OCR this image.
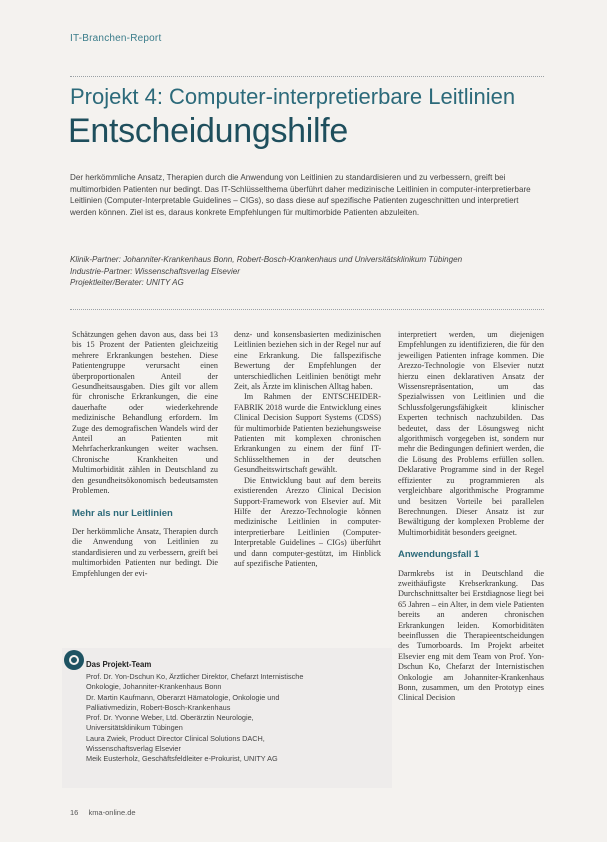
IT-Branchen-Report
Projekt 4: Computer-interpretierbare Leitlinien
Entscheidungshilfe

Der herkömmliche Ansatz, Therapien durch die Anwendung von Leitlinien zu standardisieren und zu verbessern, greift bei multimorbiden Patienten nur bedingt. Das IT-Schlüsselthema überführt daher medizinische Leitlinien in computer-interpretierbare Leitlinien (Computer-Interpretable Guidelines – CIGs), so dass diese auf spezifische Patienten zugeschnitten und interpretiert werden können. Ziel ist es, daraus konkrete Empfehlungen für multimorbide Patienten abzuleiten.

Klinik-Partner: Johanniter-Krankenhaus Bonn, Robert-Bosch-Krankenhaus und Universitätsklinikum Tübingen
Industrie-Partner: Wissenschaftsverlag Elsevier
Projektleiter/Berater: UNITY AG

Schätzungen gehen davon aus, dass bei 13 bis 15 Prozent der Patienten gleichzeitig mehrere Erkrankungen bestehen. Diese Patientengruppe verursacht einen überproportionalen Anteil der Gesundheitsausgaben. Dies gilt vor allem für chronische Erkrankungen, die eine dauerhafte oder wiederkehrende medizinische Behandlung erfordern. Im Zuge des demografischen Wandels wird der Anteil an Patienten mit Mehrfacherkrankungen weiter wachsen. Chronische Krankheiten und Multimorbidität zählen in Deutschland zu den gesundheitsökonomisch bedeutsamsten Problemen.

Mehr als nur Leitlinien

Der herkömmliche Ansatz, Therapien durch die Anwendung von Leitlinien zu standardisieren und zu verbessern, greift bei multimorbiden Patienten nur bedingt. Die Empfehlungen der evi-

denz- und konsensbasierten medizinischen Leitlinien beziehen sich in der Regel nur auf eine Erkrankung. Die fallspezifische Bewertung der Empfehlungen der unterschiedlichen Leitlinien benötigt mehr Zeit, als Ärzte im klinischen Alltag haben.

Im Rahmen der ENTSCHEIDER-FABRIK 2018 wurde die Entwicklung eines Clinical Decision Support Systems (CDSS) für multimorbide Patienten beziehungsweise Patienten mit komplexen chronischen Erkrankungen zu einem der fünf IT-Schlüsselthemen in der deutschen Gesundheitswirtschaft gewählt.

Die Entwicklung baut auf dem bereits existierenden Arezzo Clinical Decision Support-Framework von Elsevier auf. Mit Hilfe der Arezzo-Technologie können medizinische Leitlinien in computer-interpretierbare Leitlinien (Computer-Interpretable Guidelines – CIGs) überführt und dann computer-gestützt, im Hinblick auf spezifische Patienten,

interpretiert werden, um diejenigen Empfehlungen zu identifizieren, die für den jeweiligen Patienten infrage kommen. Die Arezzo-Technologie von Elsevier nutzt hierzu einen deklarativen Ansatz der Wissensrepräsentation, um das Spezialwissen von Leitlinien und die Schlussfolgerungsfähigkeit klinischer Experten technisch nachzubilden. Das bedeutet, dass der Lösungsweg nicht algorithmisch vorgegeben ist, sondern nur mehr die Bedingungen definiert werden, die die Lösung des Problems erfüllen sollen. Deklarative Programme sind in der Regel effizienter zu programmieren als vergleichbare algorithmische Programme und besitzen Vorteile bei parallelen Berechnungen. Dieser Ansatz ist zur Bewältigung der komplexen Probleme der Multimorbidität besonders geeignet.

Anwendungsfall 1

Darmkrebs ist in Deutschland die zweithäufigste Krebserkrankung. Das Durchschnittsalter bei Erstdiagnose liegt bei 65 Jahren – ein Alter, in dem viele Patienten bereits an anderen chronischen Erkrankungen leiden. Komorbiditäten beeinflussen die Therapieentscheidungen des Tumorboards. Im Projekt arbeitet Elsevier eng mit dem Team von Prof. Yon-Dschun Ko, Chefarzt der Internistischen Onkologie am Johanniter-Krankenhaus Bonn, zusammen, um den Prototyp eines Clinical Decision

Das Projekt-Team
Prof. Dr. Yon-Dschun Ko, Ärztlicher Direktor, Chefarzt Internistische
Onkologie, Johanniter-Krankenhaus Bonn
Dr. Martin Kaufmann, Oberarzt Hämatologie, Onkologie und
Palliativmedizin, Robert-Bosch-Krankenhaus
Prof. Dr. Yvonne Weber, Ltd. Oberärztin Neurologie,
Universitätsklinikum Tübingen
Laura Zwiek, Product Director Clinical Solutions DACH,
Wissenschaftsverlag Elsevier
Meik Eusterholz, Geschäftsfeldleiter e-Prokurist, UNITY AG
16 kma-online.de
